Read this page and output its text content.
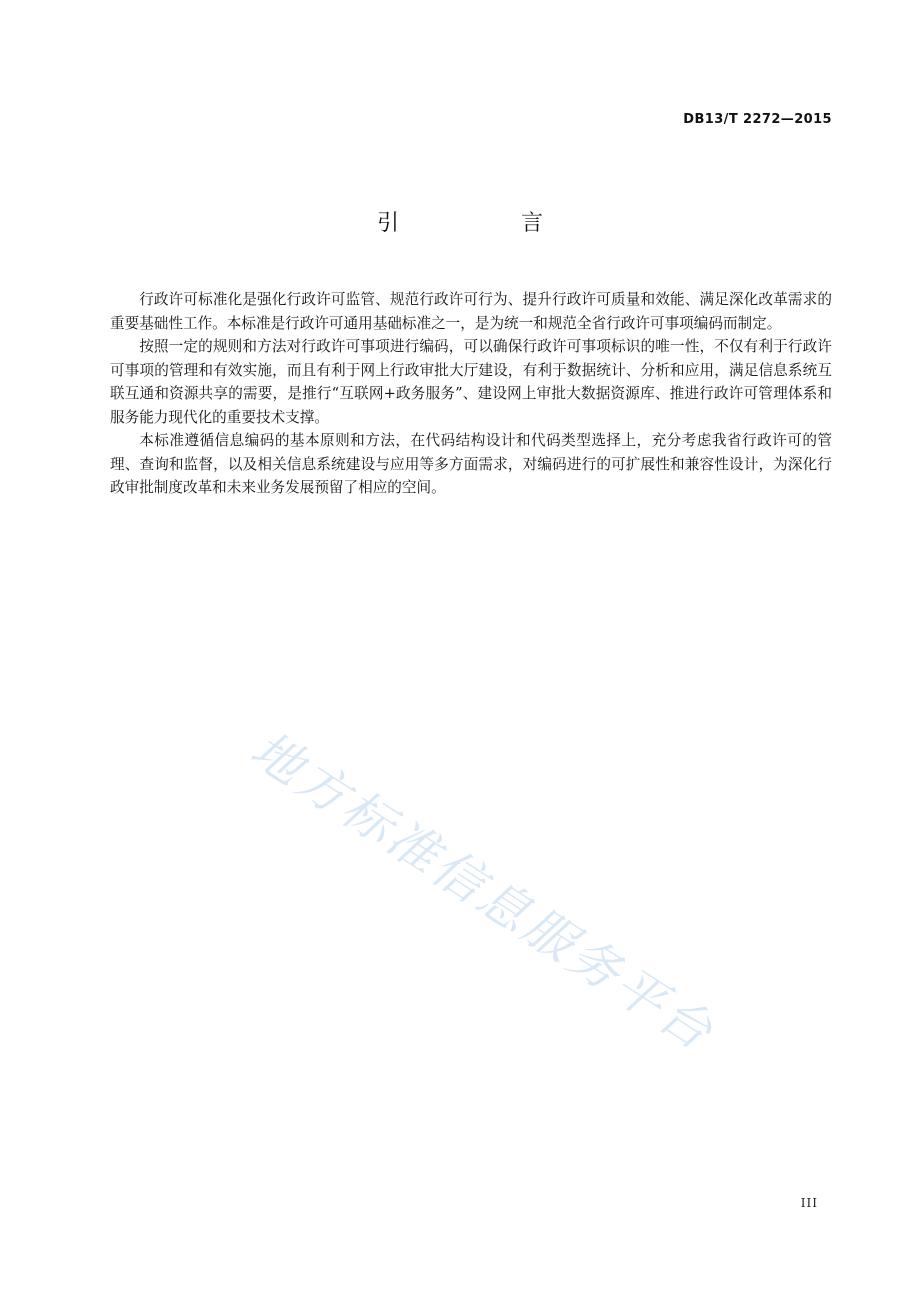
DB13/T 2272—2015
引　言

行政许可标准化是强化行政许可监管、规范行政许可行为、提升行政许可质量和效能、满足深化改革需求的重要基础性工作。本标准是行政许可通用基础标准之一，是为统一和规范全省行政许可事项编码而制定。

按照一定的规则和方法对行政许可事项进行编码，可以确保行政许可事项标识的唯一性，不仅有利于行政许可事项的管理和有效实施，而且有利于网上行政审批大厅建设，有利于数据统计、分析和应用，满足信息系统互联互通和资源共享的需要，是推行“互联网+政务服务”、建设网上审批大数据资源库、推进行政许可管理体系和服务能力现代化的重要技术支撑。

本标准遵循信息编码的基本原则和方法，在代码结构设计和代码类型选择上，充分考虑我省行政许可的管理、查询和监督，以及相关信息系统建设与应用等多方面需求，对编码进行的可扩展性和兼容性设计，为深化行政审批制度改革和未来业务发展预留了相应的空间。

地方标准信息服务平台
III
